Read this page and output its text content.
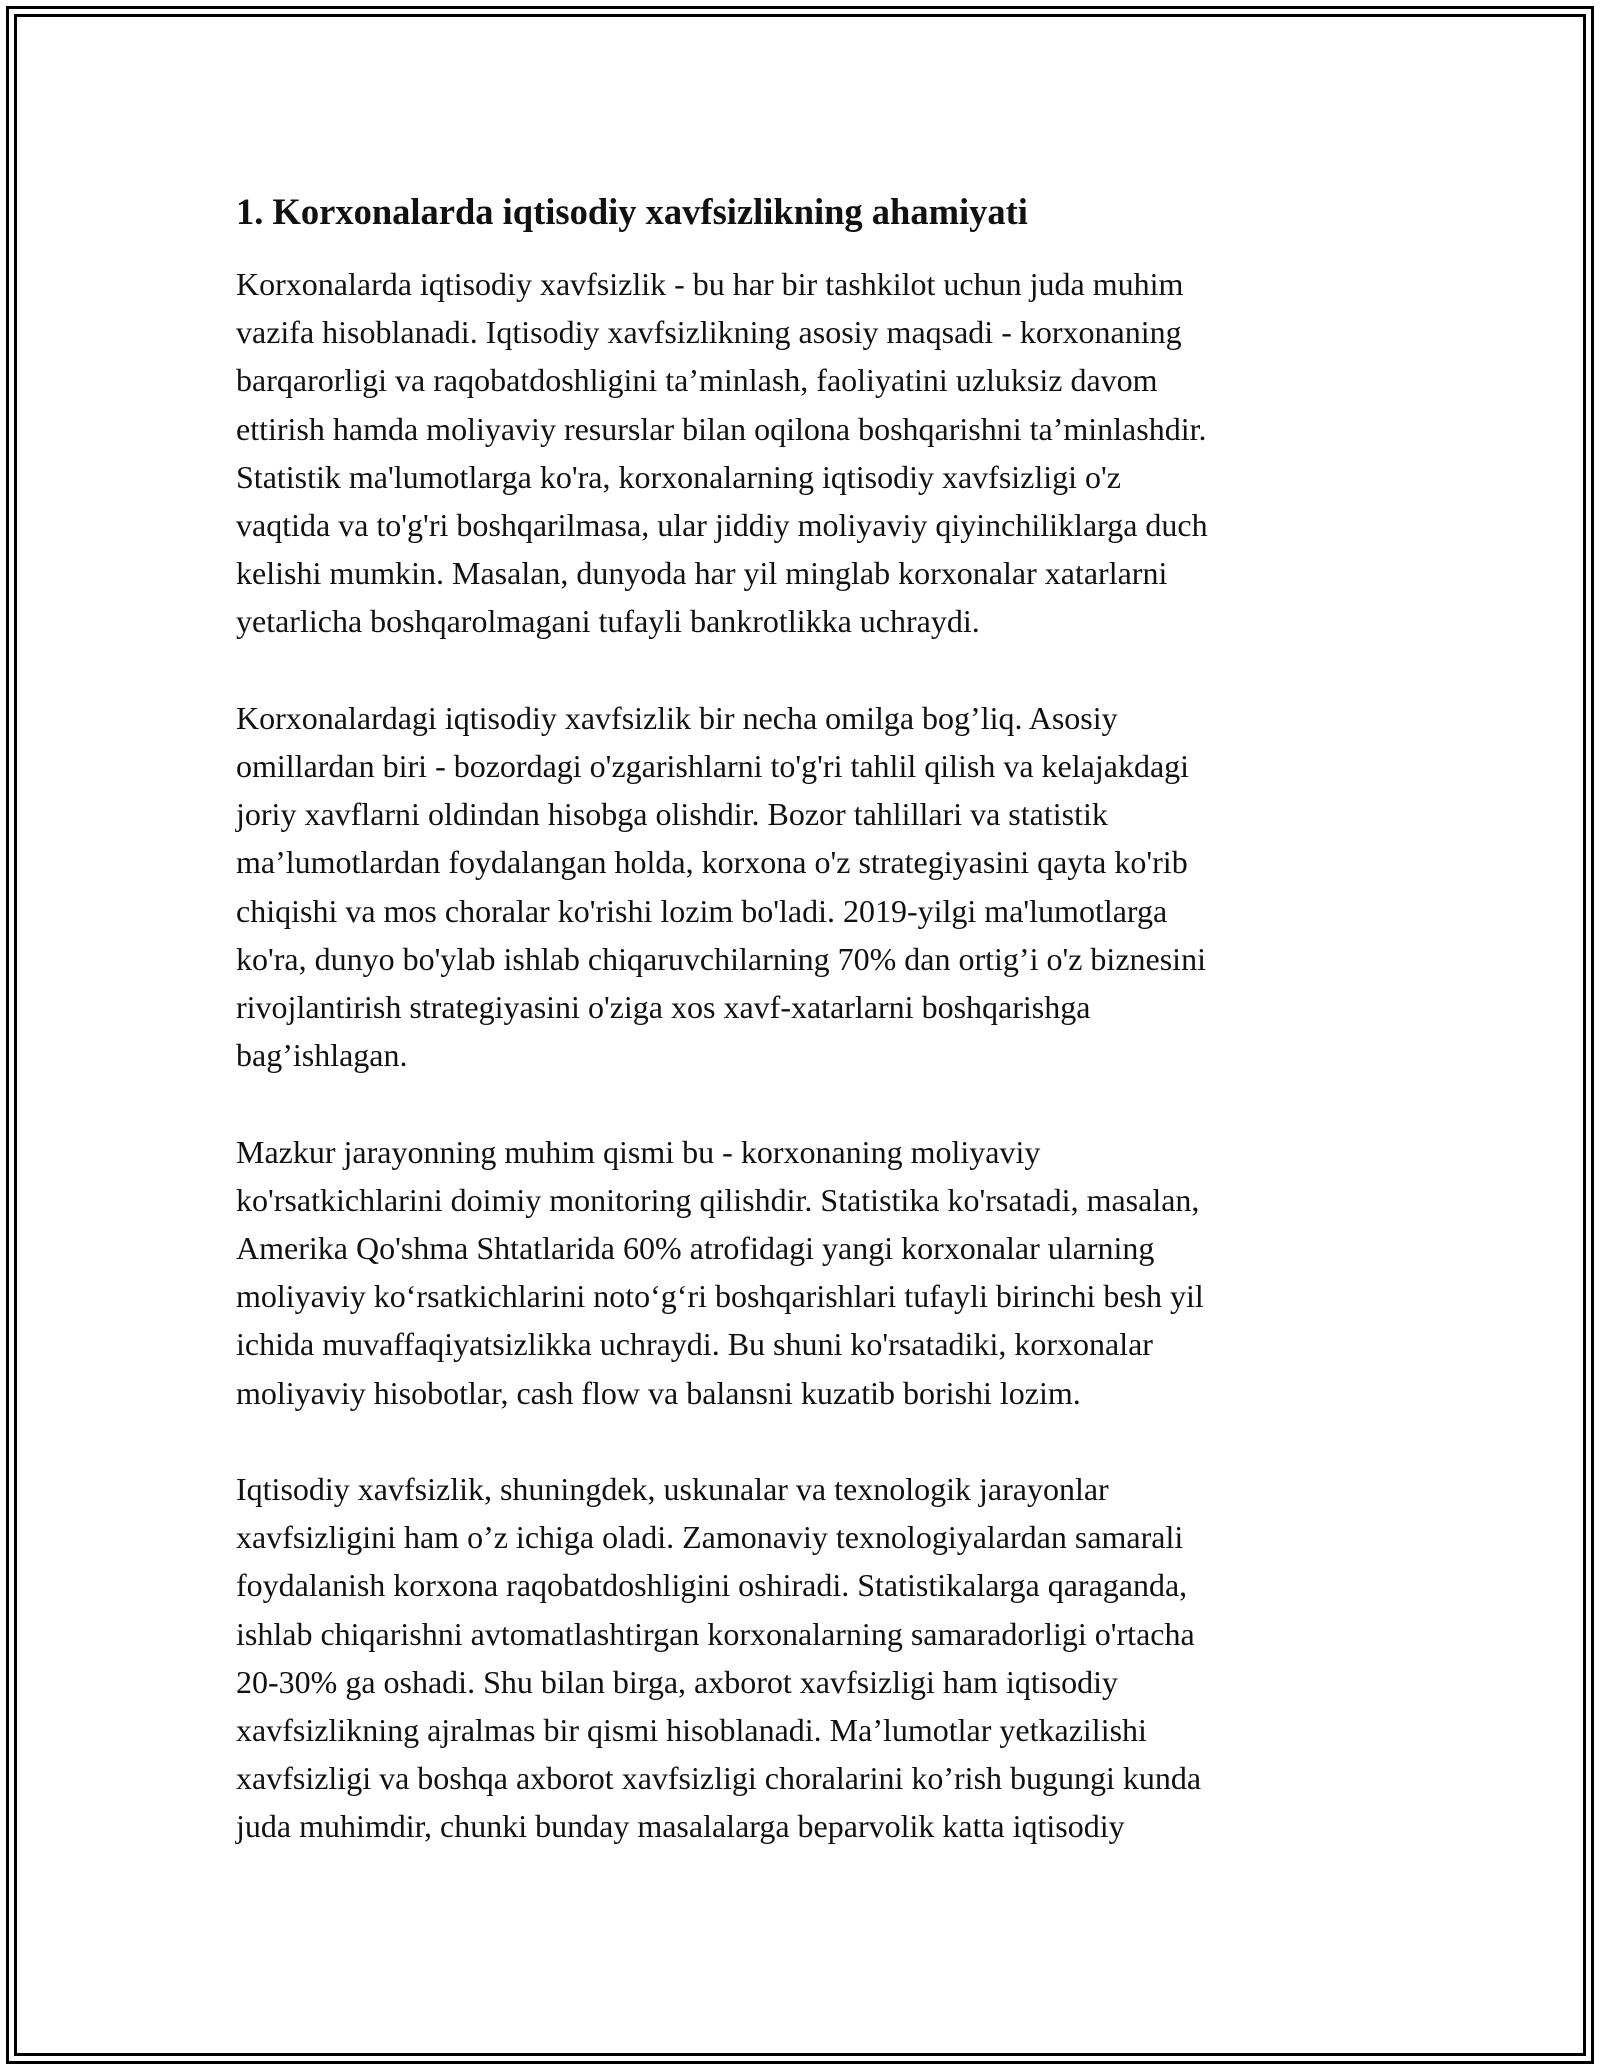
1. Korxonalarda iqtisodiy xavfsizlikning ahamiyati

Korxonalarda iqtisodiy xavfsizlik - bu har bir tashkilot uchun juda muhim
vazifa hisoblanadi. Iqtisodiy xavfsizlikning asosiy maqsadi - korxonaning
barqarorligi va raqobatdoshligini ta’minlash, faoliyatini uzluksiz davom
ettirish hamda moliyaviy resurslar bilan oqilona boshqarishni ta’minlashdir.
Statistik ma'lumotlarga ko'ra, korxonalarning iqtisodiy xavfsizligi o'z
vaqtida va to'g'ri boshqarilmasa, ular jiddiy moliyaviy qiyinchiliklarga duch
kelishi mumkin. Masalan, dunyoda har yil minglab korxonalar xatarlarni
yetarlicha boshqarolmagani tufayli bankrotlikka uchraydi.

Korxonalardagi iqtisodiy xavfsizlik bir necha omilga bog’liq. Asosiy
omillardan biri - bozordagi o'zgarishlarni to'g'ri tahlil qilish va kelajakdagi
joriy xavflarni oldindan hisobga olishdir. Bozor tahlillari va statistik
ma’lumotlardan foydalangan holda, korxona o'z strategiyasini qayta ko'rib
chiqishi va mos choralar ko'rishi lozim bo'ladi. 2019-yilgi ma'lumotlarga
ko'ra, dunyo bo'ylab ishlab chiqaruvchilarning 70% dan ortig’i o'z biznesini
rivojlantirish strategiyasini o'ziga xos xavf-xatarlarni boshqarishga
bag’ishlagan.

Mazkur jarayonning muhim qismi bu - korxonaning moliyaviy
ko'rsatkichlarini doimiy monitoring qilishdir. Statistika ko'rsatadi, masalan,
Amerika Qo'shma Shtatlarida 60% atrofidagi yangi korxonalar ularning
moliyaviy ko‘rsatkichlarini noto‘g‘ri boshqarishlari tufayli birinchi besh yil
ichida muvaffaqiyatsizlikka uchraydi. Bu shuni ko'rsatadiki, korxonalar
moliyaviy hisobotlar, cash flow va balansni kuzatib borishi lozim.

Iqtisodiy xavfsizlik, shuningdek, uskunalar va texnologik jarayonlar
xavfsizligini ham o’z ichiga oladi. Zamonaviy texnologiyalardan samarali
foydalanish korxona raqobatdoshligini oshiradi. Statistikalarga qaraganda,
ishlab chiqarishni avtomatlashtirgan korxonalarning samaradorligi o'rtacha
20-30% ga oshadi. Shu bilan birga, axborot xavfsizligi ham iqtisodiy
xavfsizlikning ajralmas bir qismi hisoblanadi. Ma’lumotlar yetkazilishi
xavfsizligi va boshqa axborot xavfsizligi choralarini ko’rish bugungi kunda
juda muhimdir, chunki bunday masalalarga beparvolik katta iqtisodiy
